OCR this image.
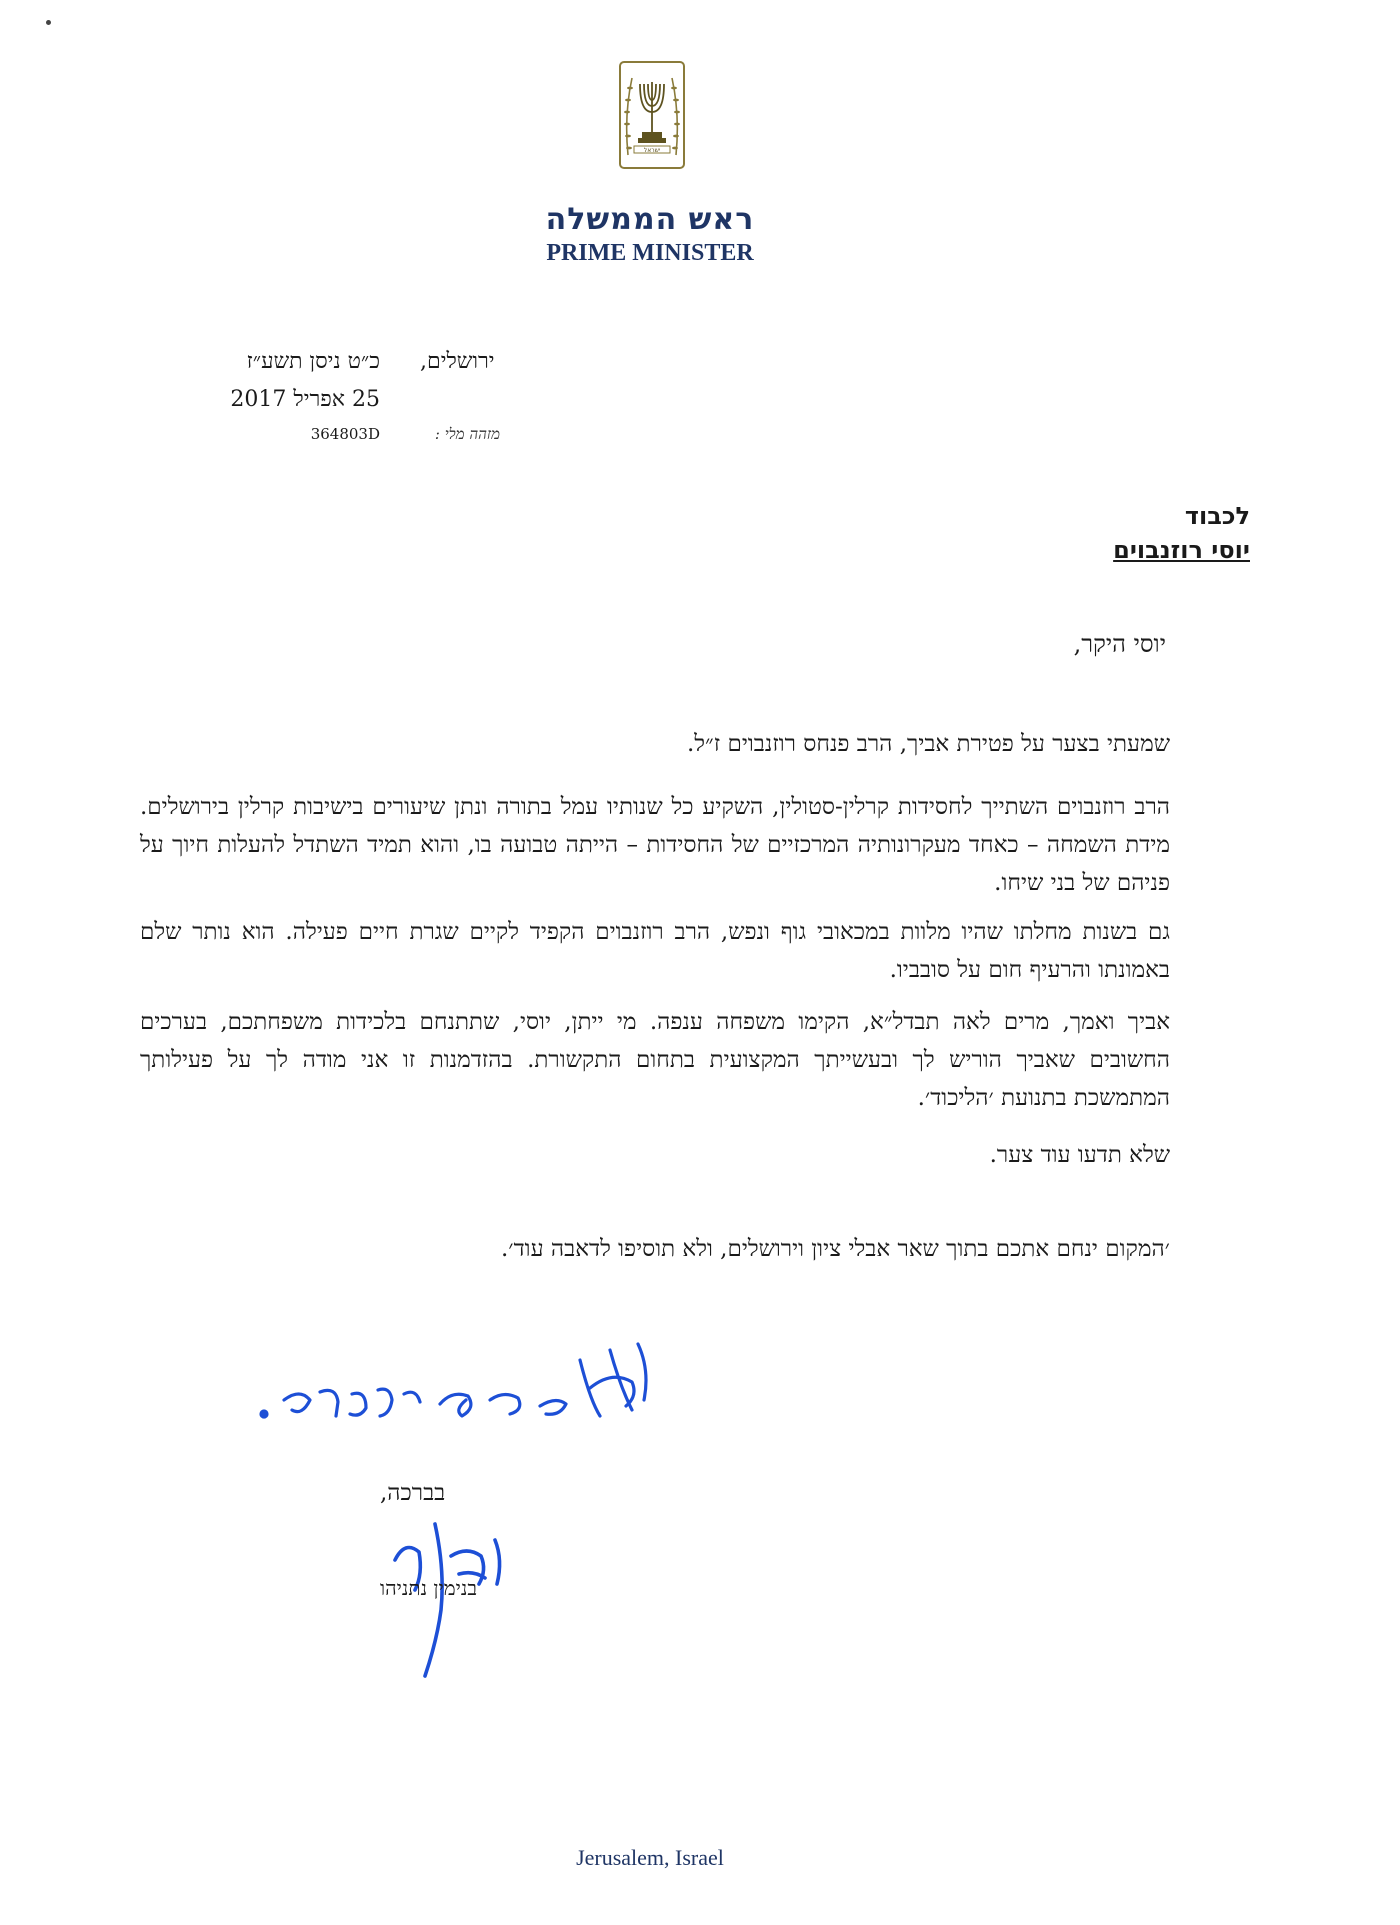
ישראל
ראש הממשלה
PRIME MINISTER
ירושלים,
כ״ט ניסן תשע״ז
25 אפריל 2017
מזהה מלי :
364803D
לכבוד
יוסי רוזנבוים
יוסי היקר,
שמעתי בצער על פטירת אביך, הרב פנחס רוזנבוים ז״ל.
הרב רוזנבוים השתייך לחסידות קרלין-סטולין, השקיע כל שנותיו עמל בתורה ונתן שיעורים בישיבות קרלין בירושלים. מידת השמחה – כאחד מעקרונותיה המרכזיים של החסידות – הייתה טבועה בו, והוא תמיד השתדל להעלות חיוך על פניהם של בני שיחו.
גם בשנות מחלתו שהיו מלוות במכאובי גוף ונפש, הרב רוזנבוים הקפיד לקיים שגרת חיים פעילה. הוא נותר שלם באמונתו והרעיף חום על סובביו.
אביך ואמך, מרים לאה תבדל״א, הקימו משפחה ענפה. מי ייתן, יוסי, שתתנחם בלכידות משפחתכם, בערכים החשובים שאביך הוריש לך ובעשייתך המקצועית בתחום התקשורת. בהזדמנות זו אני מודה לך על פעילותך המתמשכת בתנועת ׳הליכוד׳.
שלא תדעו עוד צער.
׳המקום ינחם אתכם בתוך שאר אבלי ציון וירושלים, ולא תוסיפו לדאבה עוד׳.
בברכה,
בנימין נתניהו
Jerusalem, Israel
